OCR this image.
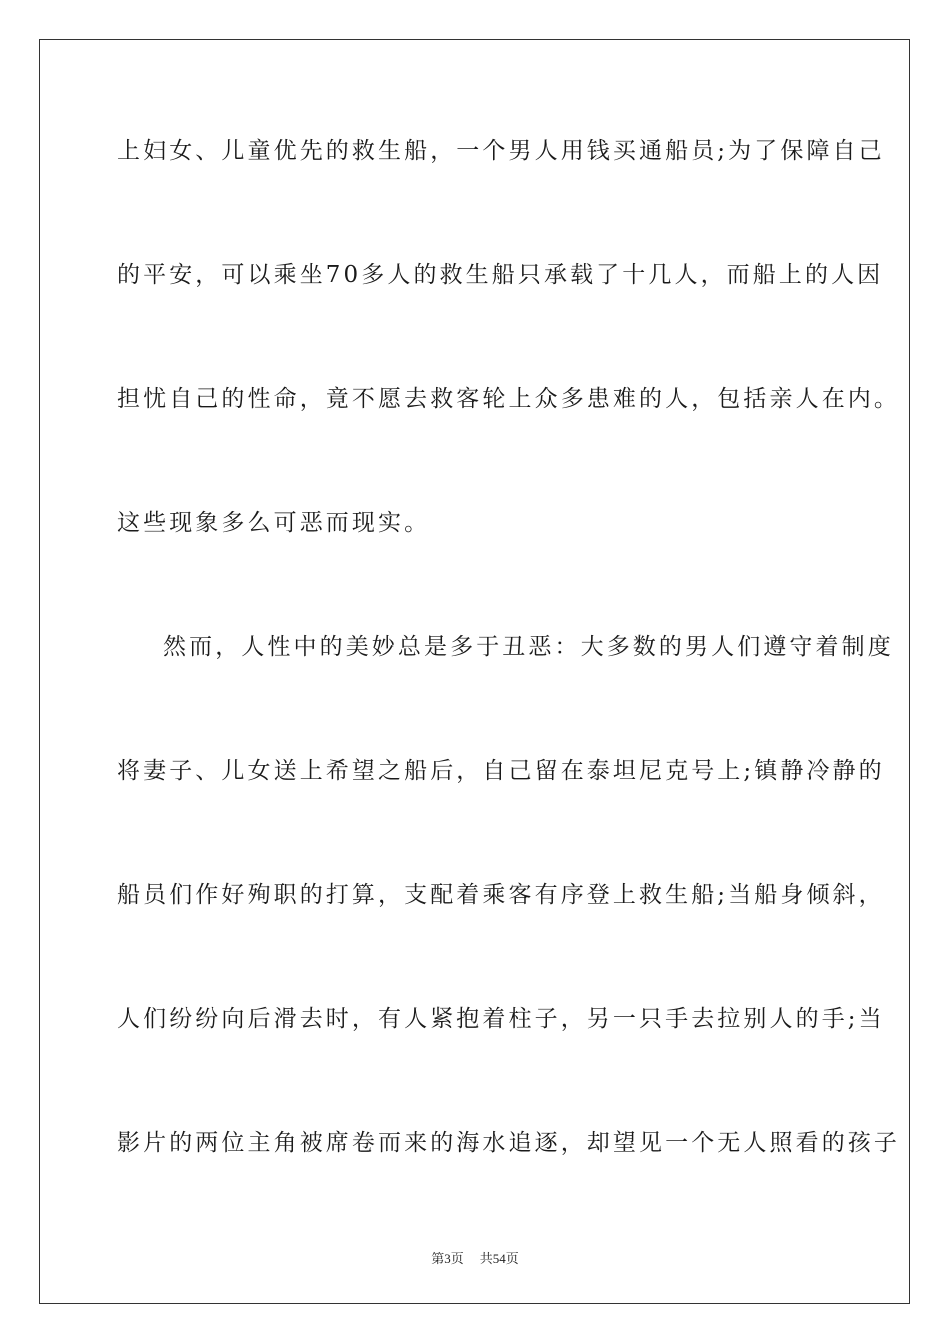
上妇女、儿童优先的救生船，一个男人用钱买通船员;为了保障自己
的平安，可以乘坐70多人的救生船只承载了十几人，而船上的人因
担忧自己的性命，竟不愿去救客轮上众多患难的人，包括亲人在内。
这些现象多么可恶而现实。
然而，人性中的美妙总是多于丑恶：大多数的男人们遵守着制度
将妻子、儿女送上希望之船后，自己留在泰坦尼克号上;镇静冷静的
船员们作好殉职的打算，支配着乘客有序登上救生船;当船身倾斜，
人们纷纷向后滑去时，有人紧抱着柱子，另一只手去拉别人的手;当
影片的两位主角被席卷而来的海水追逐，却望见一个无人照看的孩子
第3页 共54页
